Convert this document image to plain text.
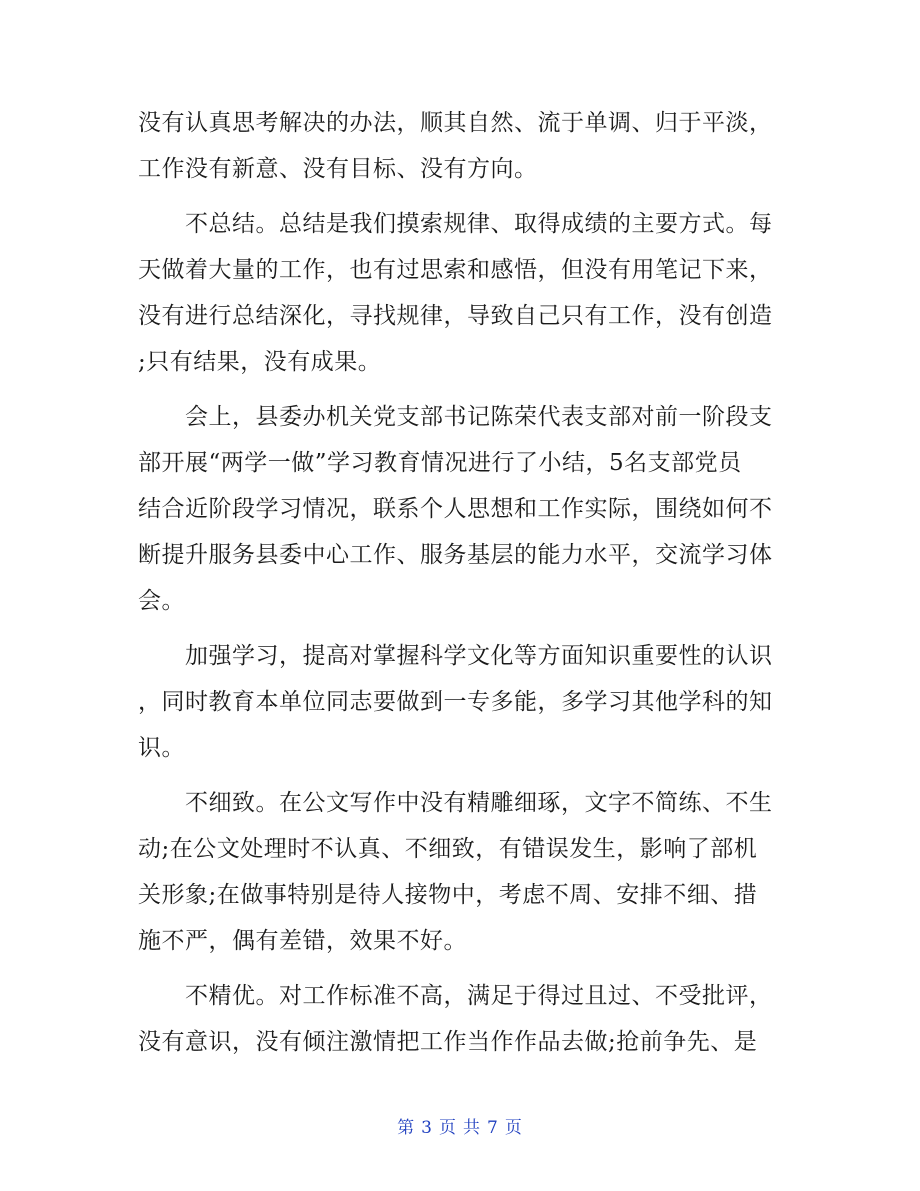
没有认真思考解决的办法，顺其自然、流于单调、归于平淡，
工作没有新意、没有目标、没有方向。
　　不总结。总结是我们摸索规律、取得成绩的主要方式。每
天做着大量的工作，也有过思索和感悟，但没有用笔记下来，
没有进行总结深化，寻找规律，导致自己只有工作，没有创造
;只有结果，没有成果。
　　会上，县委办机关党支部书记陈荣代表支部对前一阶段支
部开展“两学一做”学习教育情况进行了小结，5名支部党员
结合近阶段学习情况，联系个人思想和工作实际，围绕如何不
断提升服务县委中心工作、服务基层的能力水平，交流学习体
会。
　　加强学习，提高对掌握科学文化等方面知识重要性的认识
，同时教育本单位同志要做到一专多能，多学习其他学科的知
识。
　　不细致。在公文写作中没有精雕细琢，文字不简练、不生
动;在公文处理时不认真、不细致，有错误发生，影响了部机
关形象;在做事特别是待人接物中，考虑不周、安排不细、措
施不严，偶有差错，效果不好。
　　不精优。对工作标准不高，满足于得过且过、不受批评，
没有意识，没有倾注激情把工作当作作品去做;抢前争先、是
第 3 页 共 7 页
